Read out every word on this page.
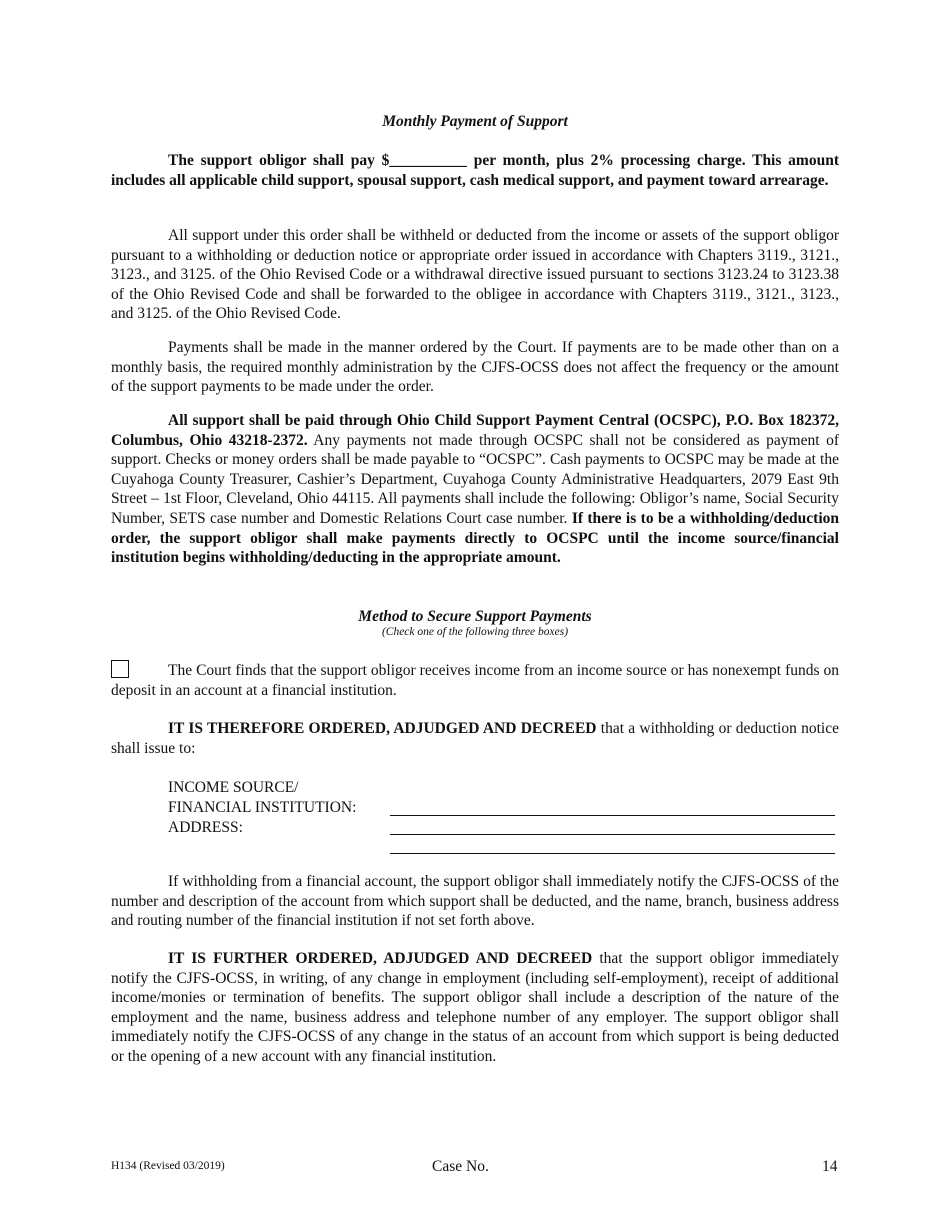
Monthly Payment of Support
The support obligor shall pay $__________ per month, plus 2% processing charge. This amount includes all applicable child support, spousal support, cash medical support, and payment toward arrearage.
All support under this order shall be withheld or deducted from the income or assets of the support obligor pursuant to a withholding or deduction notice or appropriate order issued in accordance with Chapters 3119., 3121., 3123., and 3125. of the Ohio Revised Code or a withdrawal directive issued pursuant to sections 3123.24 to 3123.38 of the Ohio Revised Code and shall be forwarded to the obligee in accordance with Chapters 3119., 3121., 3123., and 3125. of the Ohio Revised Code.
Payments shall be made in the manner ordered by the Court. If payments are to be made other than on a monthly basis, the required monthly administration by the CJFS-OCSS does not affect the frequency or the amount of the support payments to be made under the order.
All support shall be paid through Ohio Child Support Payment Central (OCSPC), P.O. Box 182372, Columbus, Ohio 43218-2372. Any payments not made through OCSPC shall not be considered as payment of support. Checks or money orders shall be made payable to “OCSPC”. Cash payments to OCSPC may be made at the Cuyahoga County Treasurer, Cashier’s Department, Cuyahoga County Administrative Headquarters, 2079 East 9th Street – 1st Floor, Cleveland, Ohio 44115. All payments shall include the following: Obligor’s name, Social Security Number, SETS case number and Domestic Relations Court case number. If there is to be a withholding/deduction order, the support obligor shall make payments directly to OCSPC until the income source/financial institution begins withholding/deducting in the appropriate amount.
Method to Secure Support Payments
(Check one of the following three boxes)
The Court finds that the support obligor receives income from an income source or has nonexempt funds on deposit in an account at a financial institution.
IT IS THEREFORE ORDERED, ADJUDGED AND DECREED that a withholding or deduction notice shall issue to:
INCOME SOURCE/
FINANCIAL INSTITUTION:
ADDRESS:
If withholding from a financial account, the support obligor shall immediately notify the CJFS-OCSS of the number and description of the account from which support shall be deducted, and the name, branch, business address and routing number of the financial institution if not set forth above.
IT IS FURTHER ORDERED, ADJUDGED AND DECREED that the support obligor immediately notify the CJFS-OCSS, in writing, of any change in employment (including self-employment), receipt of additional income/monies or termination of benefits. The support obligor shall include a description of the nature of the employment and the name, business address and telephone number of any employer. The support obligor shall immediately notify the CJFS-OCSS of any change in the status of an account from which support is being deducted or the opening of a new account with any financial institution.
H134 (Revised 03/2019)	Case No.	14
